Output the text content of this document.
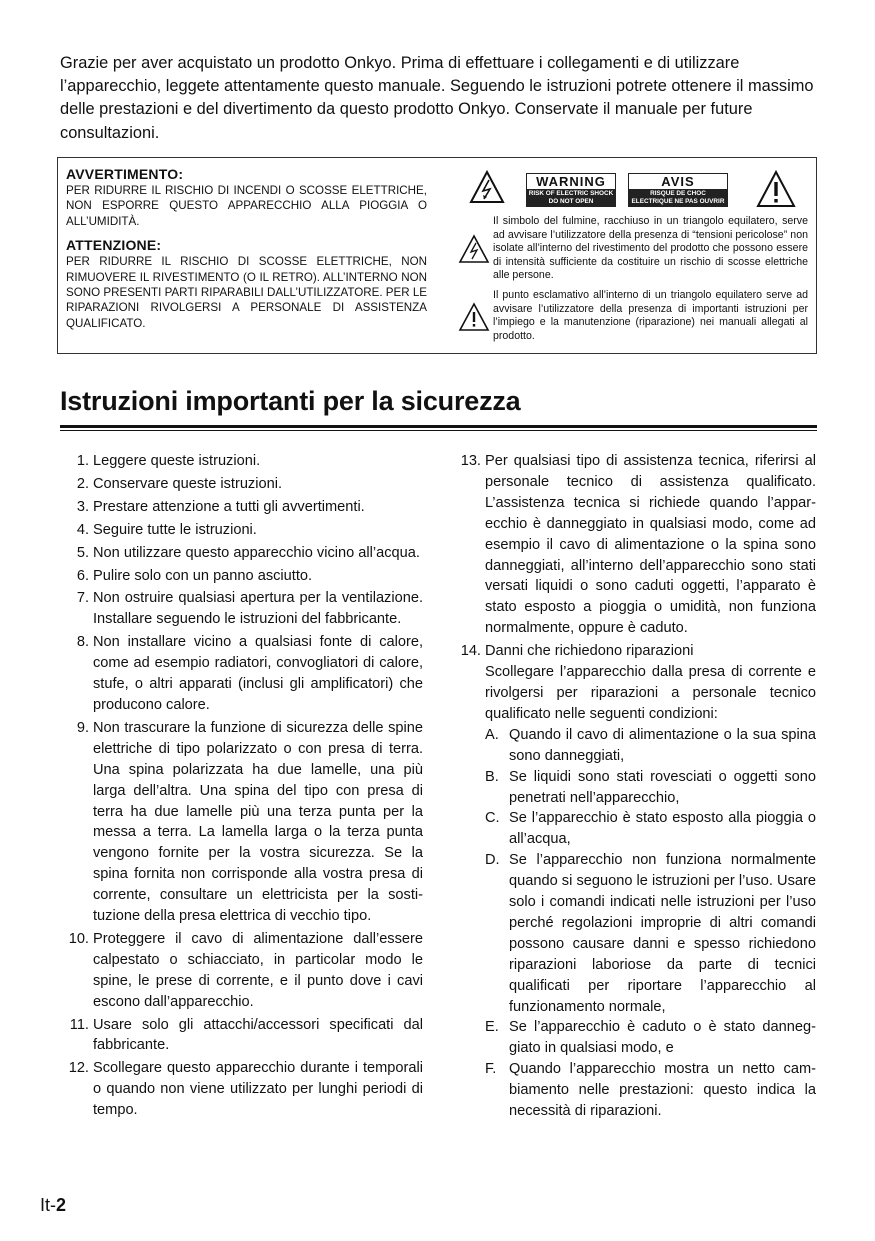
Grazie per aver acquistato un prodotto Onkyo. Prima di effettuare i collegamenti e di utilizzare l’apparecchio, leggete attentamente questo manuale. Seguendo le istruzioni potrete ottenere il massimo delle prestazioni e del divertimento da questo prodotto Onkyo. Conservate il manuale per future consultazioni.
AVVERTIMENTO:
PER RIDURRE IL RISCHIO DI INCENDI O SCOSSE ELETTRICHE, NON ESPORRE QUESTO APPARECCHIO ALLA PIOGGIA O ALL’UMIDITÀ.
ATTENZIONE:
PER RIDURRE IL RISCHIO DI SCOSSE ELETTRICHE, NON RIMUOVERE IL RIVESTIMENTO (O IL RETRO). ALL’INTERNO NON SONO PRESENTI PARTI RIPARABILI DALL’UTILIZZATORE. PER LE RIPARAZIONI RIVOLGERSI A PERSONALE DI ASSISTENZA QUALIFICATO.
WARNING
RISK OF ELECTRIC SHOCK DO NOT OPEN
AVIS
RISQUE DE CHOC ELECTRIQUE NE PAS OUVRIR
Il simbolo del fulmine, racchiuso in un triangolo equilatero, serve ad avvisare l’utilizzatore della presenza di “tensioni pericolose” non isolate all’interno del rivestimento del prodotto che possono essere di intensità sufficiente da costituire un rischio di scosse elettriche alle persone.
Il punto esclamativo all’interno di un triangolo equilatero serve ad avvisare l’utilizzatore della presenza di importanti istruzioni per l’impiego e la manutenzione (riparazione) nei manuali allegati al prodotto.
Istruzioni importanti per la sicurezza
1. Leggere queste istruzioni.
2. Conservare queste istruzioni.
3. Prestare attenzione a tutti gli avvertimenti.
4. Seguire tutte le istruzioni.
5. Non utilizzare questo apparecchio vicino all’acqua.
6. Pulire solo con un panno asciutto.
7. Non ostruire qualsiasi apertura per la ventilazione. Installare seguendo le istruzioni del fabbricante.
8. Non installare vicino a qualsiasi fonte di calore, come ad esempio radiatori, convogliatori di calore, stufe, o altri apparati (inclusi gli amplificatori) che producono calore.
9. Non trascurare la funzione di sicurezza delle spine elettriche di tipo polarizzato o con presa di terra. Una spina polarizzata ha due lamelle, una più larga dell’altra. Una spina del tipo con presa di terra ha due lamelle più una terza punta per la messa a terra. La lamella larga o la terza punta vengono fornite per la vostra sicurezza. Se la spina fornita non corrisponde alla vostra presa di corrente, consultare un elettricista per la sostituzione della presa elettrica di vecchio tipo.
10. Proteggere il cavo di alimentazione dall’essere calpestato o schiacciato, in particolar modo le spine, le prese di corrente, e il punto dove i cavi escono dall’apparecchio.
11. Usare solo gli attacchi/accessori specificati dal fabbricante.
12. Scollegare questo apparecchio durante i temporali o quando non viene utilizzato per lunghi periodi di tempo.
13. Per qualsiasi tipo di assistenza tecnica, riferirsi al personale tecnico di assistenza qualificato. L’assistenza tecnica si richiede quando l’apparecchio è danneggiato in qualsiasi modo, come ad esempio il cavo di alimentazione o la spina sono danneggiati, all’interno dell’apparecchio sono stati versati liquidi o sono caduti oggetti, l’apparato è stato esposto a pioggia o umidità, non funziona normalmente, oppure è caduto.
14. Danni che richiedono riparazioni
Scollegare l’apparecchio dalla presa di corrente e rivolgersi per riparazioni a personale tecnico qualificato nelle seguenti condizioni:
A. Quando il cavo di alimentazione o la sua spina sono danneggiati,
B. Se liquidi sono stati rovesciati o oggetti sono penetrati nell’apparecchio,
C. Se l’apparecchio è stato esposto alla pioggia o all’acqua,
D. Se l’apparecchio non funziona normalmente quando si seguono le istruzioni per l’uso. Usare solo i comandi indicati nelle istruzioni per l’uso perché regolazioni improprie di altri comandi possono causare danni e spesso richiedono riparazioni laboriose da parte di tecnici qualificati per riportare l’apparecchio al funzionamento normale,
E. Se l’apparecchio è caduto o è stato danneggiato in qualsiasi modo, e
F. Quando l’apparecchio mostra un netto cambiamento nelle prestazioni: questo indica la necessità di riparazioni.
It-2
